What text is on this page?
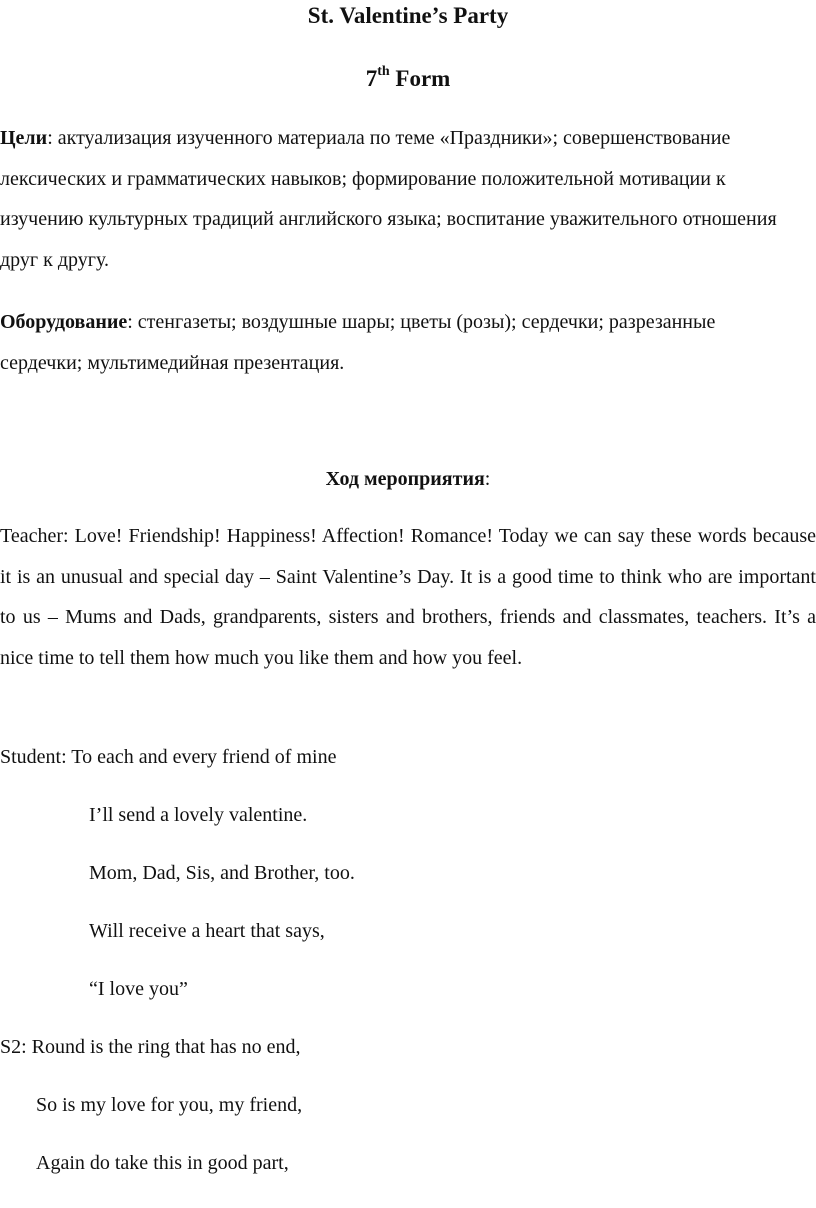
St. Valentine’s Party
7th Form

Цели: актуализация изученного материала по теме «Праздники»; совершенствование лексических и грамматических навыков; формирование положительной мотивации к изучению культурных традиций английского языка; воспитание уважительного отношения друг к другу.

Оборудование: стенгазеты; воздушные шары; цветы (розы); сердечки; разрезанные сердечки; мультимедийная презентация.

Ход мероприятия:

Teacher: Love! Friendship! Happiness! Affection! Romance! Today we can say these words because it is an unusual and special day – Saint Valentine’s Day. It is a good time to think who are important to us – Mums and Dads, grandparents, sisters and brothers, friends and classmates, teachers. It’s a nice time to tell them how much you like them and how you feel.

Student: To each and every friend of mine

I’ll send a lovely valentine.

Mom, Dad, Sis, and Brother, too.

Will receive a heart that says,

“I love you”

S2: Round is the ring that has no end,

So is my love for you, my friend,

Again do take this in good part,
